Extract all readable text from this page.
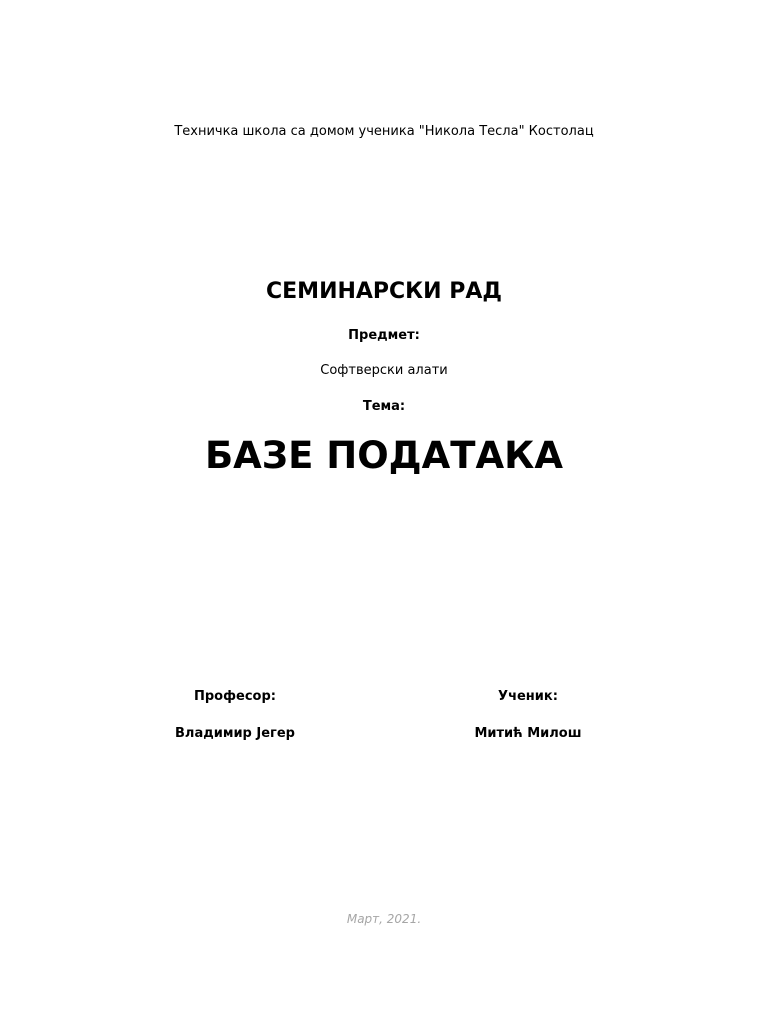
Техничка школа са домом ученика "Никола Тесла" Костолац
СЕМИНАРСКИ РАД
Предмет:
Софтверски алати
Тема:
БАЗЕ ПОДАТАКА
Професор:
Владимир Јегер
Ученик:
Митић Милош
Март, 2021.
